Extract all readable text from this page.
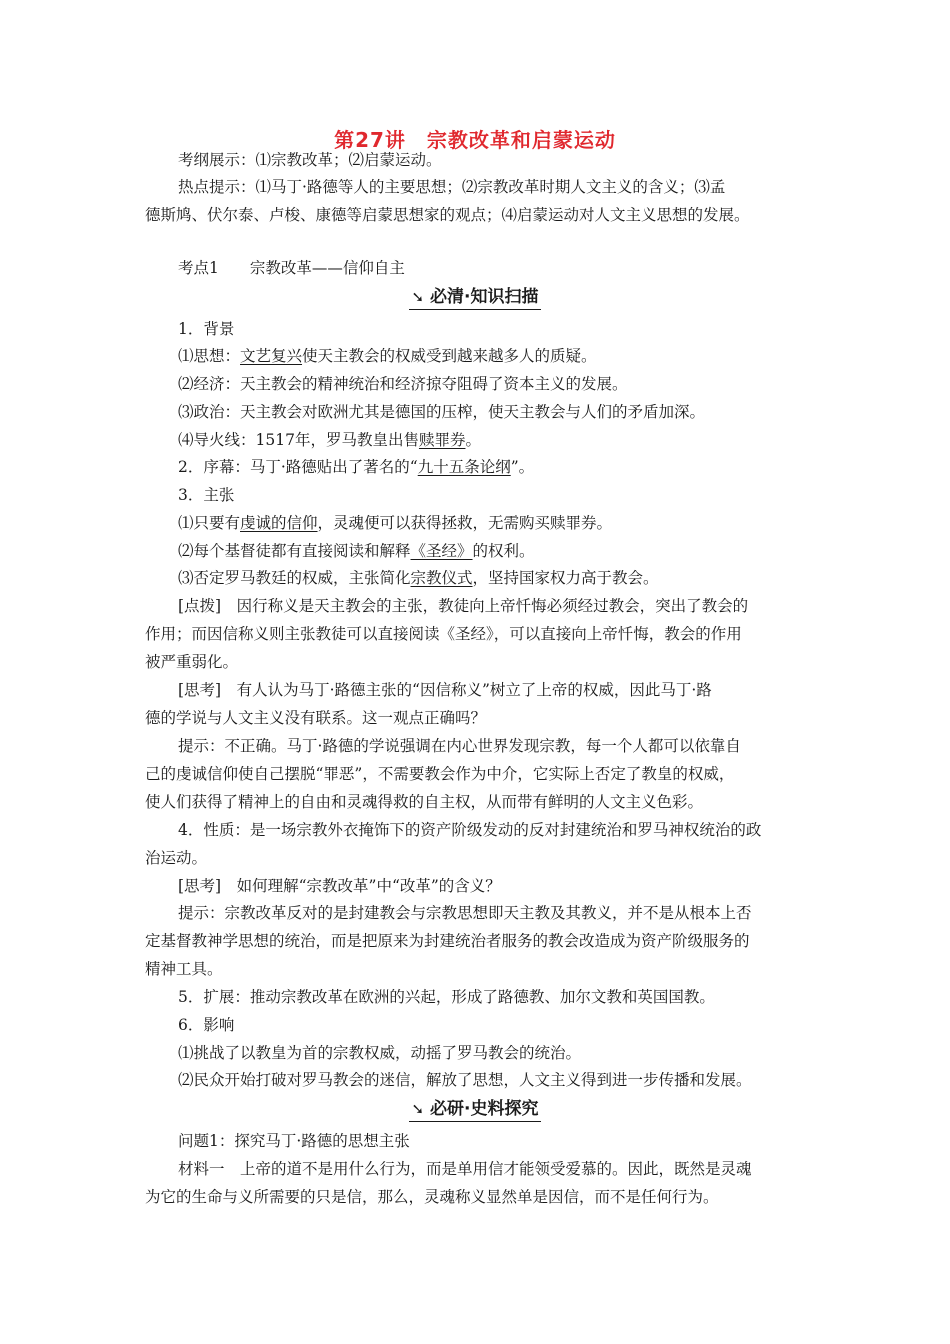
第27讲　宗教改革和启蒙运动
考纲展示：⑴宗教改革；⑵启蒙运动。
热点提示：⑴马丁·路德等人的主要思想；⑵宗教改革时期人文主义的含义；⑶孟
德斯鸠、伏尔泰、卢梭、康德等启蒙思想家的观点；⑷启蒙运动对人文主义思想的发展。
考点1　　宗教改革——信仰自主
➘ 必清·知识扫描
1．背景
⑴思想：文艺复兴使天主教会的权威受到越来越多人的质疑。
⑵经济：天主教会的精神统治和经济掠夺阻碍了资本主义的发展。
⑶政治：天主教会对欧洲尤其是德国的压榨，使天主教会与人们的矛盾加深。
⑷导火线：1517年，罗马教皇出售赎罪券。
2．序幕：马丁·路德贴出了著名的“九十五条论纲”。
3．主张
⑴只要有虔诚的信仰，灵魂便可以获得拯救，无需购买赎罪券。
⑵每个基督徒都有直接阅读和解释《圣经》的权利。
⑶否定罗马教廷的权威，主张简化宗教仪式，坚持国家权力高于教会。
[点拨]　因行称义是天主教会的主张，教徒向上帝忏悔必须经过教会，突出了教会的
作用；而因信称义则主张教徒可以直接阅读《圣经》，可以直接向上帝忏悔，教会的作用
被严重弱化。
[思考]　有人认为马丁·路德主张的“因信称义”树立了上帝的权威，因此马丁·路
德的学说与人文主义没有联系。这一观点正确吗？
提示：不正确。马丁·路德的学说强调在内心世界发现宗教，每一个人都可以依靠自
己的虔诚信仰使自己摆脱“罪恶”，不需要教会作为中介，它实际上否定了教皇的权威，
使人们获得了精神上的自由和灵魂得救的自主权，从而带有鲜明的人文主义色彩。
4．性质：是一场宗教外衣掩饰下的资产阶级发动的反对封建统治和罗马神权统治的政
治运动。
[思考]　如何理解“宗教改革”中“改革”的含义？
提示：宗教改革反对的是封建教会与宗教思想即天主教及其教义，并不是从根本上否
定基督教神学思想的统治，而是把原来为封建统治者服务的教会改造成为资产阶级服务的
精神工具。
5．扩展：推动宗教改革在欧洲的兴起，形成了路德教、加尔文教和英国国教。
6．影响
⑴挑战了以教皇为首的宗教权威，动摇了罗马教会的统治。
⑵民众开始打破对罗马教会的迷信，解放了思想，人文主义得到进一步传播和发展。
➘ 必研·史料探究
问题1：探究马丁·路德的思想主张
材料一　上帝的道不是用什么行为，而是单用信才能领受爱慕的。因此，既然是灵魂
为它的生命与义所需要的只是信，那么，灵魂称义显然单是因信，而不是任何行为。
